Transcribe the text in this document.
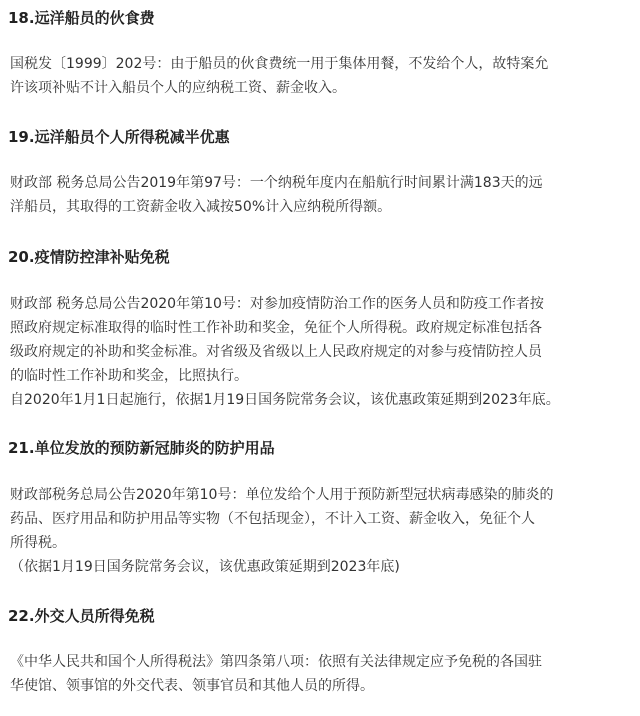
18.远洋船员的伙食费
国税发〔1999〕202号：由于船员的伙食费统一用于集体用餐，不发给个人，故特案允
许该项补贴不计入船员个人的应纳税工资、薪金收入。
19.远洋船员个人所得税减半优惠
财政部 税务总局公告2019年第97号：一个纳税年度内在船航行时间累计满183天的远
洋船员，其取得的工资薪金收入减按50%计入应纳税所得额。
20.疫情防控津补贴免税
财政部 税务总局公告2020年第10号：对参加疫情防治工作的医务人员和防疫工作者按
照政府规定标准取得的临时性工作补助和奖金，免征个人所得税。政府规定标准包括各
级政府规定的补助和奖金标准。对省级及省级以上人民政府规定的对参与疫情防控人员
的临时性工作补助和奖金，比照执行。
自2020年1月1日起施行，依据1月19日国务院常务会议，该优惠政策延期到2023年底。
21.单位发放的预防新冠肺炎的防护用品
财政部税务总局公告2020年第10号：单位发给个人用于预防新型冠状病毒感染的肺炎的
药品、医疗用品和防护用品等实物（不包括现金），不计入工资、薪金收入，免征个人
所得税。
（依据1月19日国务院常务会议，该优惠政策延期到2023年底)
22.外交人员所得免税
《中华人民共和国个人所得税法》第四条第八项：依照有关法律规定应予免税的各国驻
华使馆、领事馆的外交代表、领事官员和其他人员的所得。
